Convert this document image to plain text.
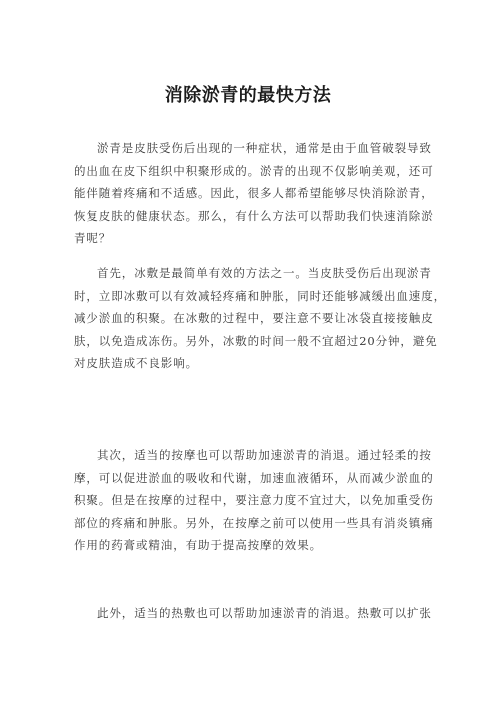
消除淤青的最快方法
淤青是皮肤受伤后出现的一种症状，通常是由于血管破裂导致
的出血在皮下组织中积聚形成的。淤青的出现不仅影响美观，还可
能伴随着疼痛和不适感。因此，很多人都希望能够尽快消除淤青，
恢复皮肤的健康状态。那么，有什么方法可以帮助我们快速消除淤
青呢？
首先，冰敷是最简单有效的方法之一。当皮肤受伤后出现淤青
时，立即冰敷可以有效减轻疼痛和肿胀，同时还能够减缓出血速度，
减少淤血的积聚。在冰敷的过程中，要注意不要让冰袋直接接触皮
肤，以免造成冻伤。另外，冰敷的时间一般不宜超过20分钟，避免
对皮肤造成不良影响。
其次，适当的按摩也可以帮助加速淤青的消退。通过轻柔的按
摩，可以促进淤血的吸收和代谢，加速血液循环，从而减少淤血的
积聚。但是在按摩的过程中，要注意力度不宜过大，以免加重受伤
部位的疼痛和肿胀。另外，在按摩之前可以使用一些具有消炎镇痛
作用的药膏或精油，有助于提高按摩的效果。
此外，适当的热敷也可以帮助加速淤青的消退。热敷可以扩张
